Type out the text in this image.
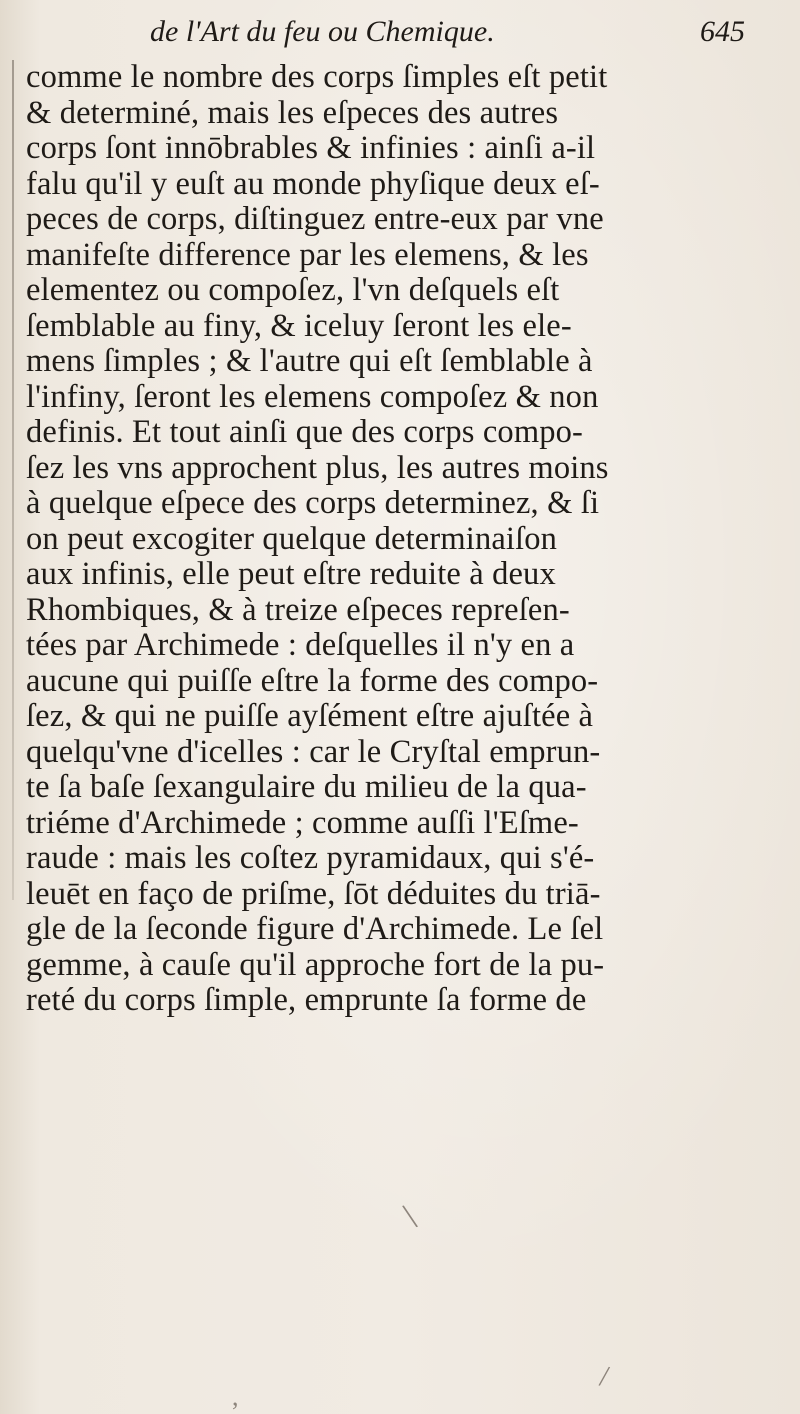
de l'Art du feu ou Chemique.	645
comme le nombre des corps ſimples eſt petit
& determiné, mais les eſpeces des autres
corps ſont innōbrables & infinies : ainſi a-il
falu qu'il y euſt au monde phyſique deux eſ-
peces de corps, diſtinguez entre-eux par vne
manifeſte difference par les elemens, & les
elementez ou compoſez, l'vn deſquels eſt
ſemblable au finy, & iceluy ſeront les ele-
mens ſimples ; & l'autre qui eſt ſemblable à
l'infiny, ſeront les elemens compoſez & non
definis. Et tout ainſi que des corps compo-
ſez les vns approchent plus, les autres moins
à quelque eſpece des corps determinez, & ſi
on peut excogiter quelque determinaiſon
aux infinis, elle peut eſtre reduite à deux
Rhombiques, & à treize eſpeces repreſen-
tées par Archimede : deſquelles il n'y en a
aucune qui puiſſe eſtre la forme des compo-
ſez, & qui ne puiſſe ayſément eſtre ajuſtée à
quelqu'vne d'icelles : car le Cryſtal emprun-
te ſa baſe ſexangulaire du milieu de la qua-
triéme d'Archimede ; comme auſſi l'Eſme-
raude : mais les coſtez pyramidaux, qui s'é-
leuēt en faço de priſme, ſōt déduites du triā-
gle de la ſeconde figure d'Archimede. Le ſel
gemme, à cauſe qu'il approche fort de la pu-
reté du corps ſimple, emprunte ſa forme de
\
/
,
